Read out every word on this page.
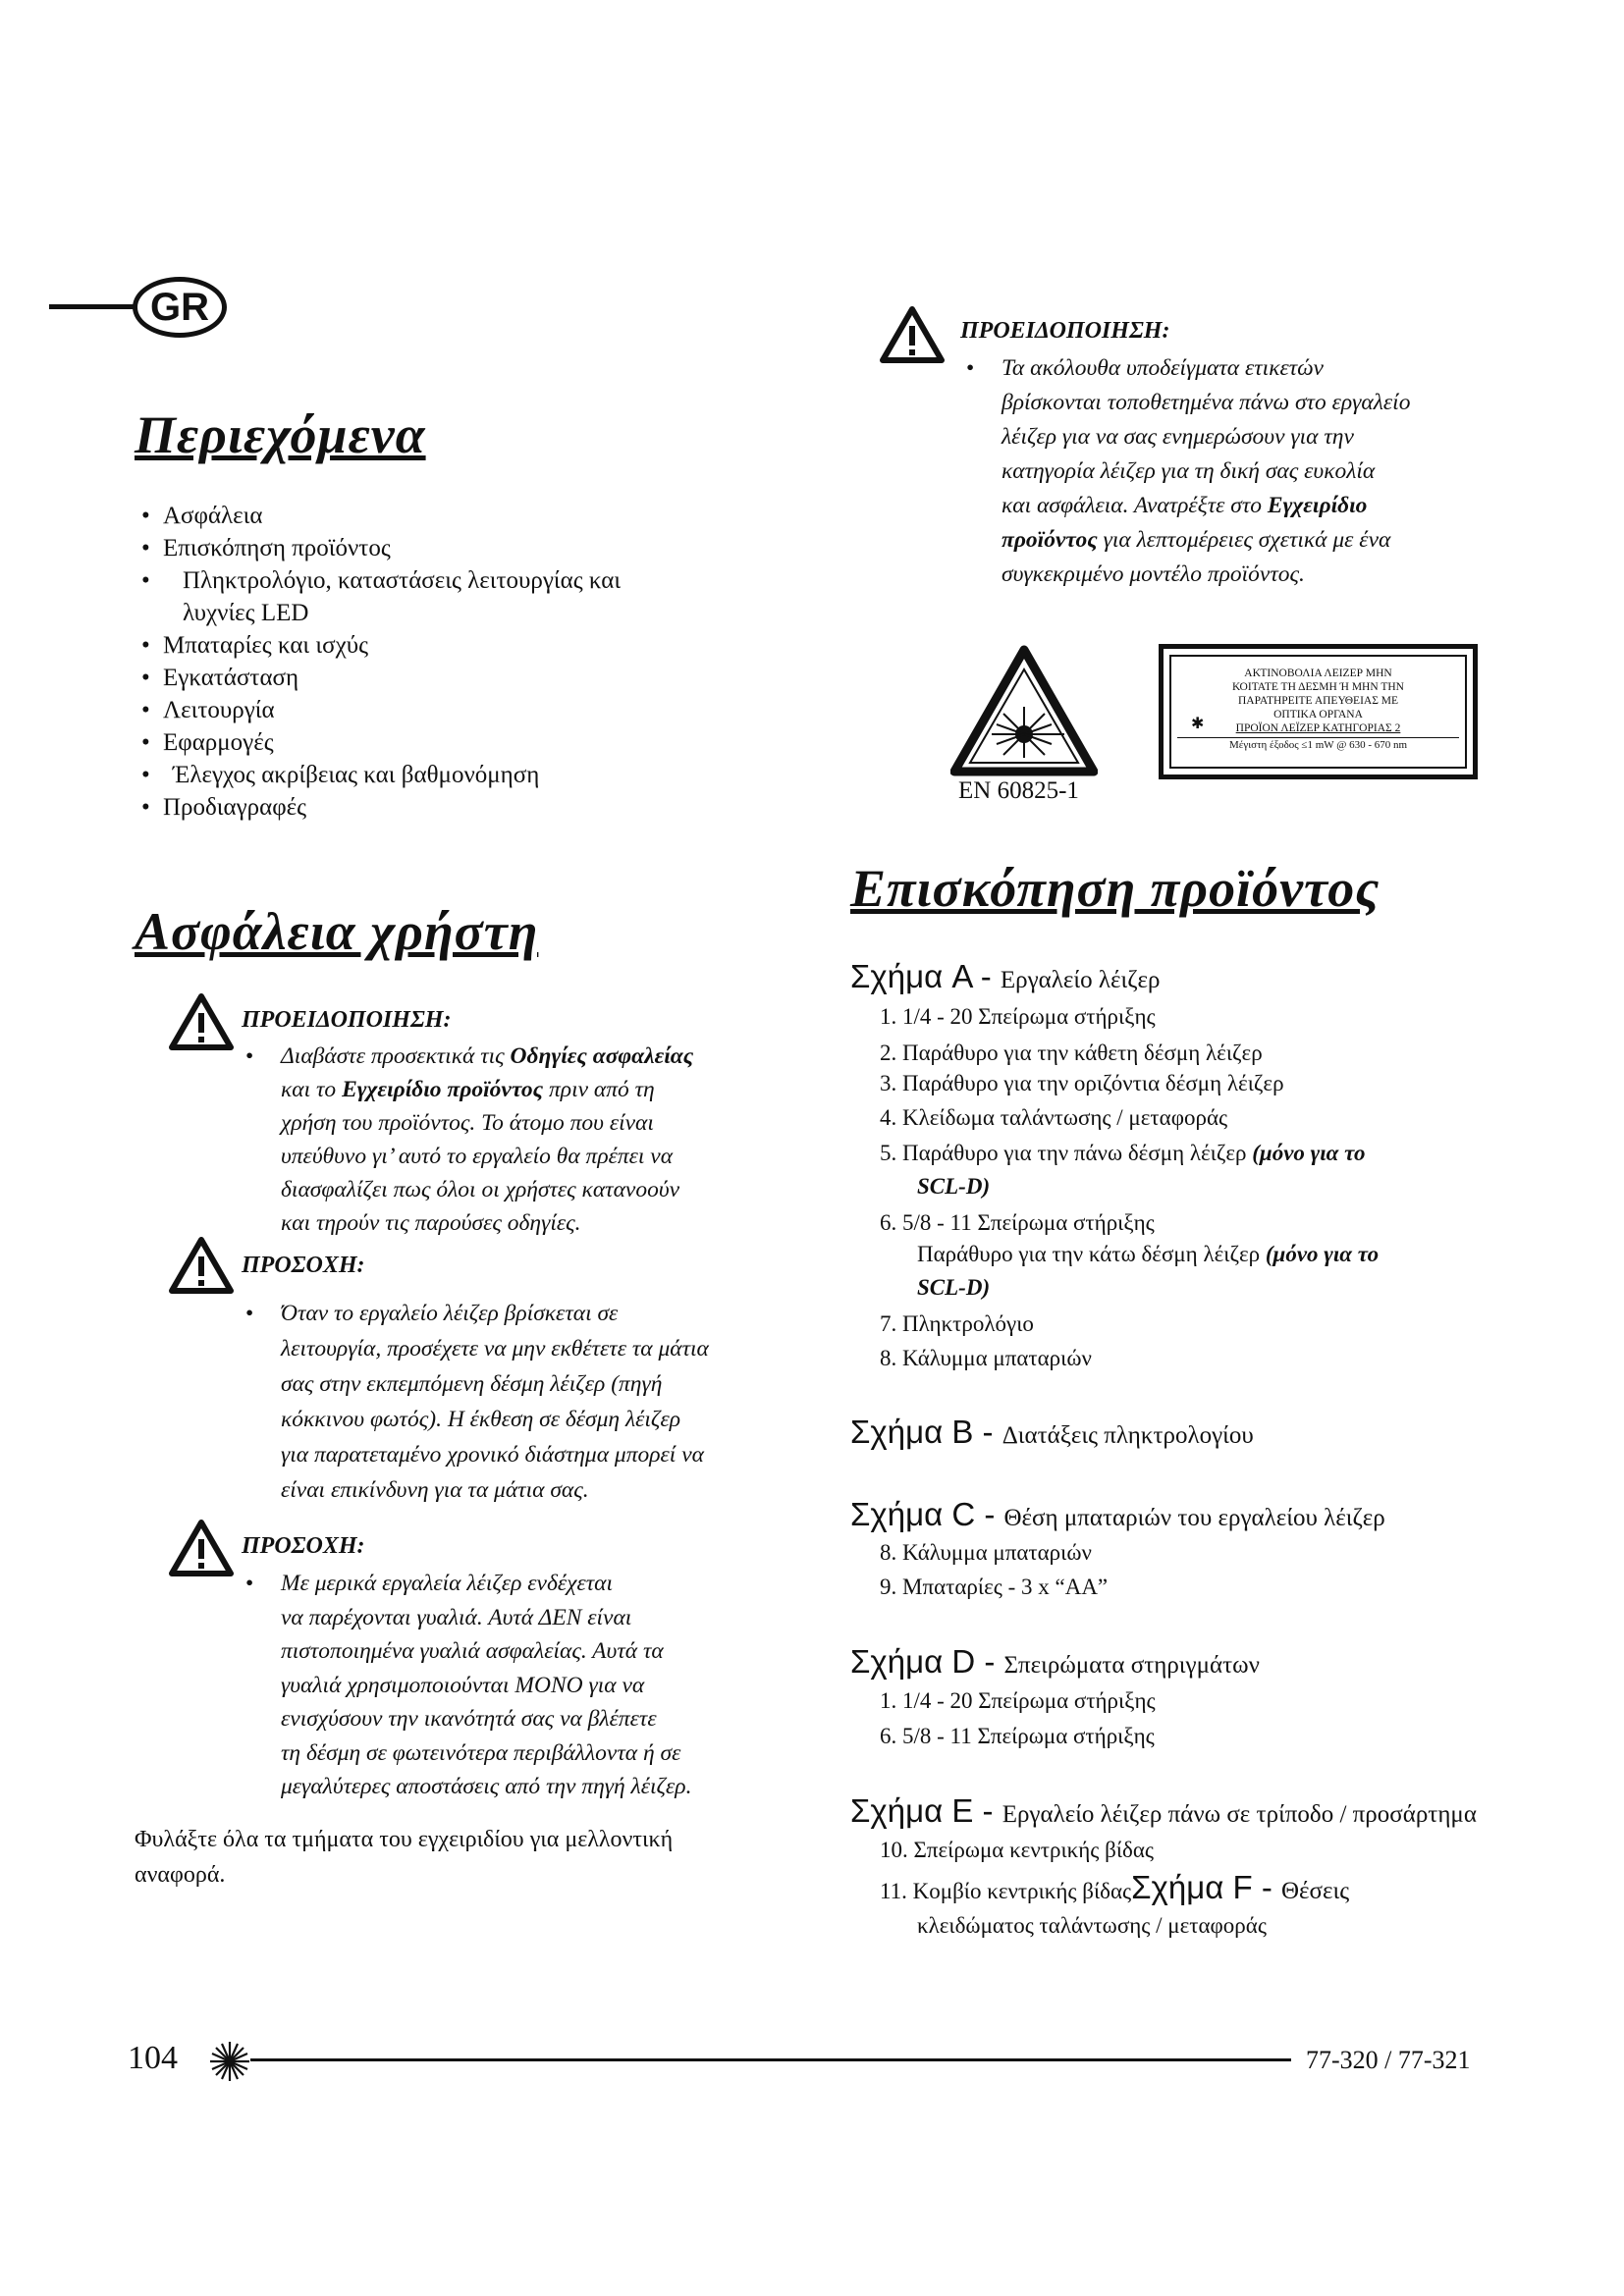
GR
Περιεχόμενα
• Ασφάλεια
• Επισκόπηση προϊόντος
• Πληκτρολόγιο, καταστάσεις λειτουργίας και
λυχνίες LED
• Μπαταρίες και ισχύς
• Εγκατάσταση
• Λειτουργία
• Εφαρμογές
• Έλεγχος ακρίβειας και βαθμονόμηση
• Προδιαγραφές
Ασφάλεια χρήστη
ΠΡΟΕΙΔΟΠΟΙΗΣΗ:
• Διαβάστε προσεκτικά τις Οδηγίες ασφαλείας
και το Εγχειρίδιο προϊόντος πριν από τη
χρήση του προϊόντος. Το άτομο που είναι
υπεύθυνο γι’ αυτό το εργαλείο θα πρέπει να
διασφαλίζει πως όλοι οι χρήστες κατανοούν
και τηρούν τις παρούσες οδηγίες.
ΠΡΟΣΟΧΗ:
• Όταν το εργαλείο λέιζερ βρίσκεται σε
λειτουργία, προσέχετε να μην εκθέτετε τα μάτια
σας στην εκπεμπόμενη δέσμη λέιζερ (πηγή
κόκκινου φωτός). Η έκθεση σε δέσμη λέιζερ
για παρατεταμένο χρονικό διάστημα μπορεί να
είναι επικίνδυνη για τα μάτια σας.
ΠΡΟΣΟΧΗ:
• Με μερικά εργαλεία λέιζερ ενδέχεται
να παρέχονται γυαλιά. Αυτά ΔΕΝ είναι
πιστοποιημένα γυαλιά ασφαλείας. Αυτά τα
γυαλιά χρησιμοποιούνται ΜΟΝΟ για να
ενισχύσουν την ικανότητά σας να βλέπετε
τη δέσμη σε φωτεινότερα περιβάλλοντα ή σε
μεγαλύτερες αποστάσεις από την πηγή λέιζερ.
Φυλάξτε όλα τα τμήματα του εγχειριδίου για μελλοντική
αναφορά.
ΠΡΟΕΙΔΟΠΟΙΗΣΗ:
• Τα ακόλουθα υποδείγματα ετικετών
βρίσκονται τοποθετημένα πάνω στο εργαλείο
λέιζερ για να σας ενημερώσουν για την
κατηγορία λέιζερ για τη δική σας ευκολία
και ασφάλεια. Ανατρέξτε στο Εγχειρίδιο
προϊόντος για λεπτομέρειες σχετικά με ένα
συγκεκριμένο μοντέλο προϊόντος.
EN 60825-1
ΑΚΤΙΝΟΒΟΛΙΑ ΛΕΙΖΕΡ ΜΗΝ
ΚΟΙΤΑΤΕ ΤΗ ΔΕΣΜΗ Ή ΜΗΝ ΤΗΝ
ΠΑΡΑΤΗΡΕΙΤΕ ΑΠΕΥΘΕΙΑΣ ΜΕ
ΟΠΤΙΚΑ ΟΡΓΑΝΑ
✱	ΠΡΟΪΟΝ ΛΕΪΖΕΡ ΚΑΤΗΓΟΡΙΑΣ 2
Μέγιστη έξοδος ≤1 mW @ 630 - 670 nm
Επισκόπηση προϊόντος
Σχήμα A - Εργαλείο λέιζερ
1. 1/4 - 20 Σπείρωμα στήριξης
2. Παράθυρο για την κάθετη δέσμη λέιζερ
3. Παράθυρο για την οριζόντια δέσμη λέιζερ
4. Κλείδωμα ταλάντωσης / μεταφοράς
5. Παράθυρο για την πάνω δέσμη λέιζερ (μόνο για το
SCL-D)
6. 5/8 - 11 Σπείρωμα στήριξης
Παράθυρο για την κάτω δέσμη λέιζερ (μόνο για το
SCL-D)
7. Πληκτρολόγιο
8. Κάλυμμα μπαταριών
Σχήμα B - Διατάξεις πληκτρολογίου
Σχήμα C - Θέση μπαταριών του εργαλείου λέιζερ
8. Κάλυμμα μπαταριών
9. Μπαταρίες - 3 x “AA”
Σχήμα D - Σπειρώματα στηριγμάτων
1. 1/4 - 20 Σπείρωμα στήριξης
6. 5/8 - 11 Σπείρωμα στήριξης
Σχήμα E - Εργαλείο λέιζερ πάνω σε τρίποδο / προσάρτημα
10. Σπείρωμα κεντρικής βίδας
11. Κομβίο κεντρικής βίδαςΣχήμα F - Θέσεις
κλειδώματος ταλάντωσης / μεταφοράς
104	77-320 / 77-321
